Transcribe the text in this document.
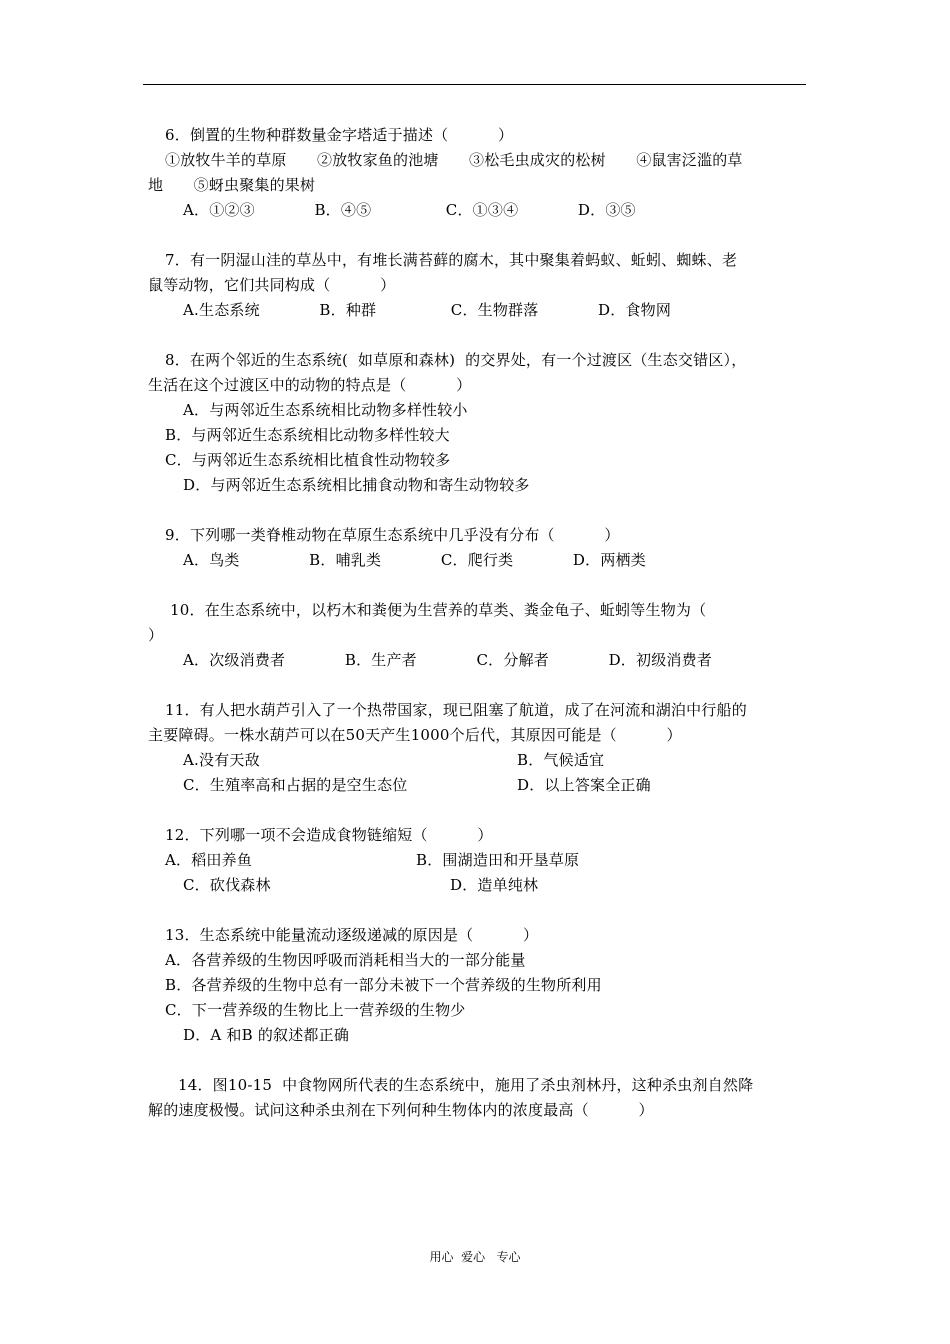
6．倒置的生物种群数量金字塔适于描述（          ）
①放牧牛羊的草原　　②放牧家鱼的池塘　　③松毛虫成灾的松树　　④鼠害泛滥的草
地　　⑤蚜虫聚集的果树
A．①②③            B．④⑤               C．①③④            D．③⑤
7．有一阴湿山洼的草丛中，有堆长满苔藓的腐木，其中聚集着蚂蚁、蚯蚓、蜘蛛、老
鼠等动物，它们共同构成（          ）
A.生态系统            B．种群               C．生物群落            D．食物网
8．在两个邻近的生态系统(  如草原和森林)  的交界处，有一个过渡区（生态交错区），
生活在这个过渡区中的动物的特点是（          ）
A．与两邻近生态系统相比动物多样性较小
B．与两邻近生态系统相比动物多样性较大
C．与两邻近生态系统相比植食性动物较多
D．与两邻近生态系统相比捕食动物和寄生动物较多
9．下列哪一类脊椎动物在草原生态系统中几乎没有分布（          ）
A．鸟类              B．哺乳类            C．爬行类            D．两栖类
10．在生态系统中，以朽木和粪便为生营养的草类、粪金龟子、蚯蚓等生物为（
）
A．次级消费者            B．生产者            C．分解者            D．初级消费者
11．有人把水葫芦引入了一个热带国家，现已阻塞了航道，成了在河流和湖泊中行船的
主要障碍。一株水葫芦可以在50天产生1000个后代，其原因可能是（          ）
A.没有天敌	B．气候适宜
C．生殖率高和占据的是空生态位	D．以上答案全正确
12．下列哪一项不会造成食物链缩短（          ）
A．稻田养鱼	B．围湖造田和开垦草原
C．砍伐森林	D．造单纯林
13．生态系统中能量流动逐级递减的原因是（          ）
A．各营养级的生物因呼吸而消耗相当大的一部分能量
B．各营养级的生物中总有一部分未被下一个营养级的生物所利用
C．下一营养级的生物比上一营养级的生物少
D．A 和B 的叙述都正确
14．图10-15  中食物网所代表的生态系统中，施用了杀虫剂林丹，这种杀虫剂自然降
解的速度极慢。试问这种杀虫剂在下列何种生物体内的浓度最高（          ）
用心  爱心   专心
